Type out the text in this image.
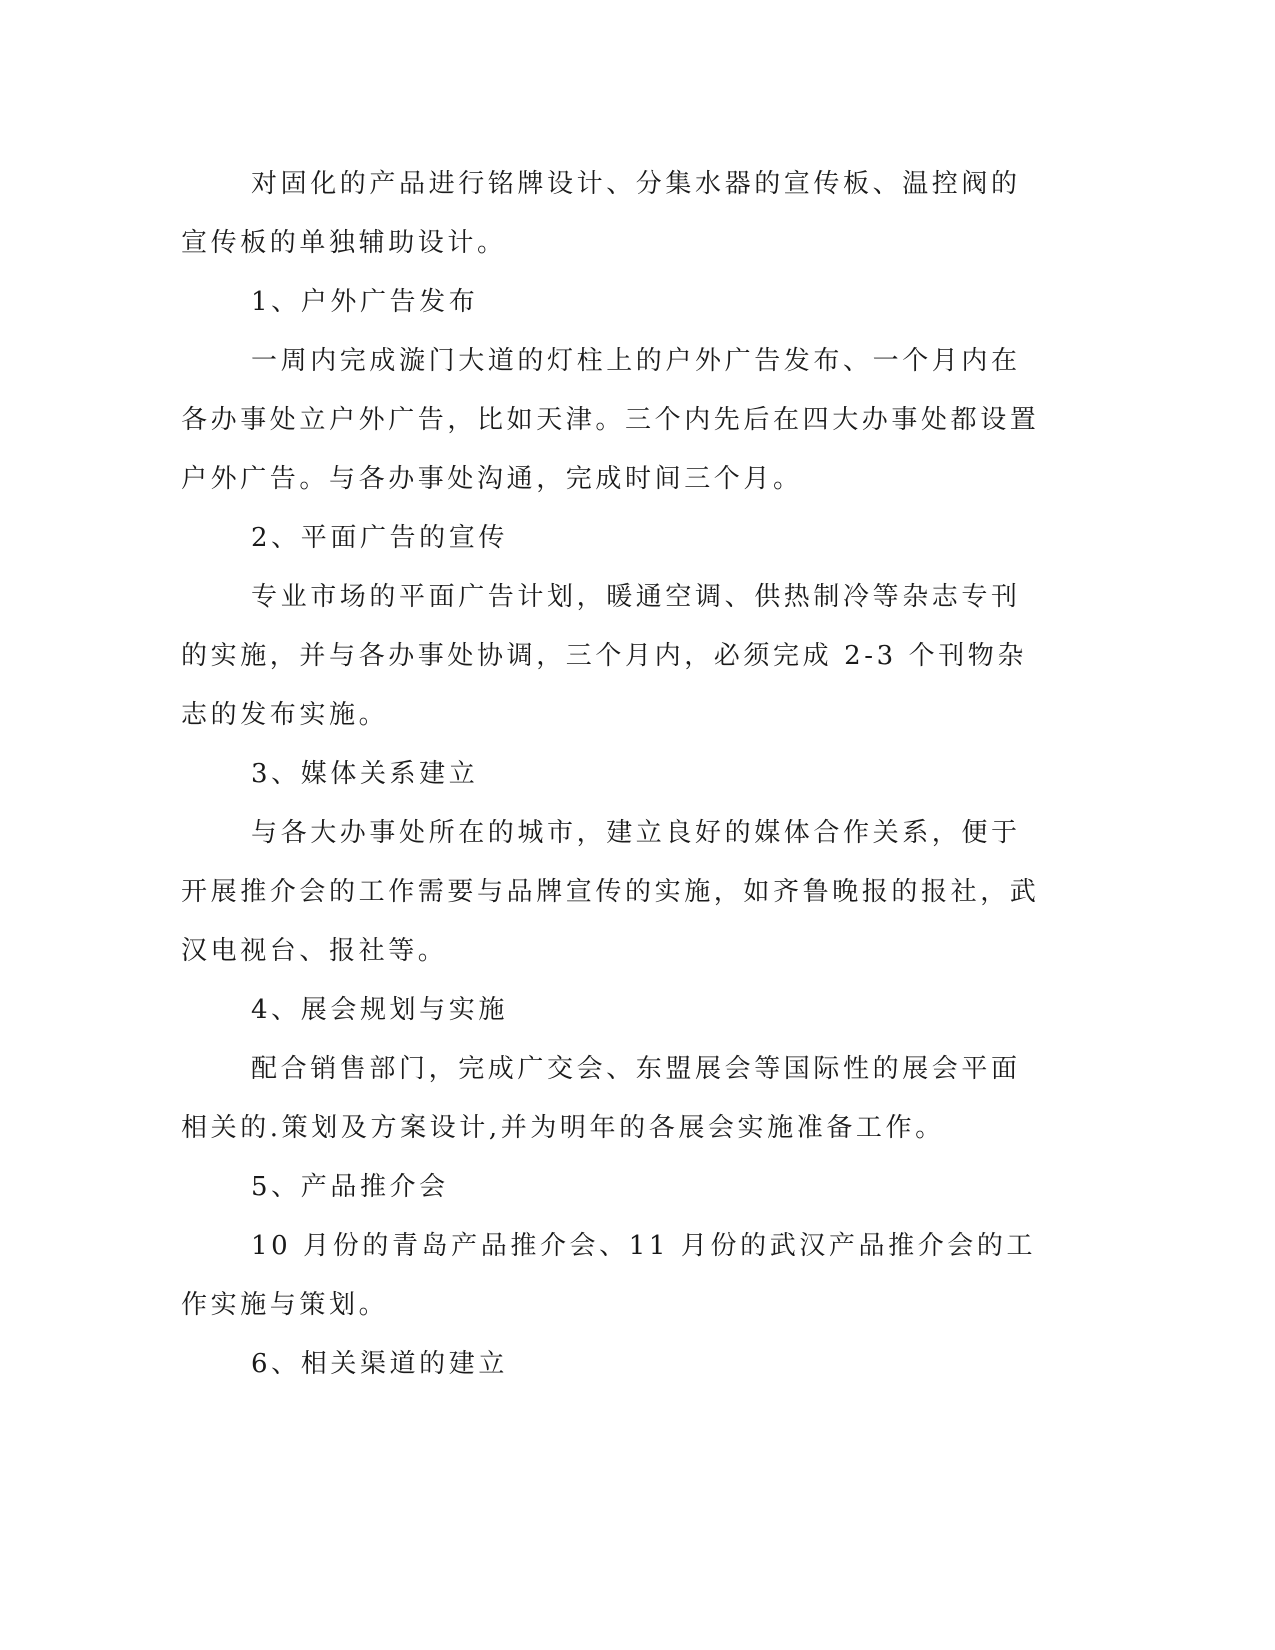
对固化的产品进行铭牌设计、分集水器的宣传板、温控阀的宣传板的单独辅助设计。

1、户外广告发布

一周内完成漩门大道的灯柱上的户外广告发布、一个月内在各办事处立户外广告，比如天津。三个内先后在四大办事处都设置户外广告。与各办事处沟通，完成时间三个月。

2、平面广告的宣传

专业市场的平面广告计划，暖通空调、供热制冷等杂志专刊的实施，并与各办事处协调，三个月内，必须完成 2-3 个刊物杂志的发布实施。

3、媒体关系建立

与各大办事处所在的城市，建立良好的媒体合作关系，便于开展推介会的工作需要与品牌宣传的实施，如齐鲁晚报的报社，武汉电视台、报社等。

4、展会规划与实施

配合销售部门，完成广交会、东盟展会等国际性的展会平面相关的.策划及方案设计,并为明年的各展会实施准备工作。

5、产品推介会

10 月份的青岛产品推介会、11 月份的武汉产品推介会的工作实施与策划。

6、相关渠道的建立
